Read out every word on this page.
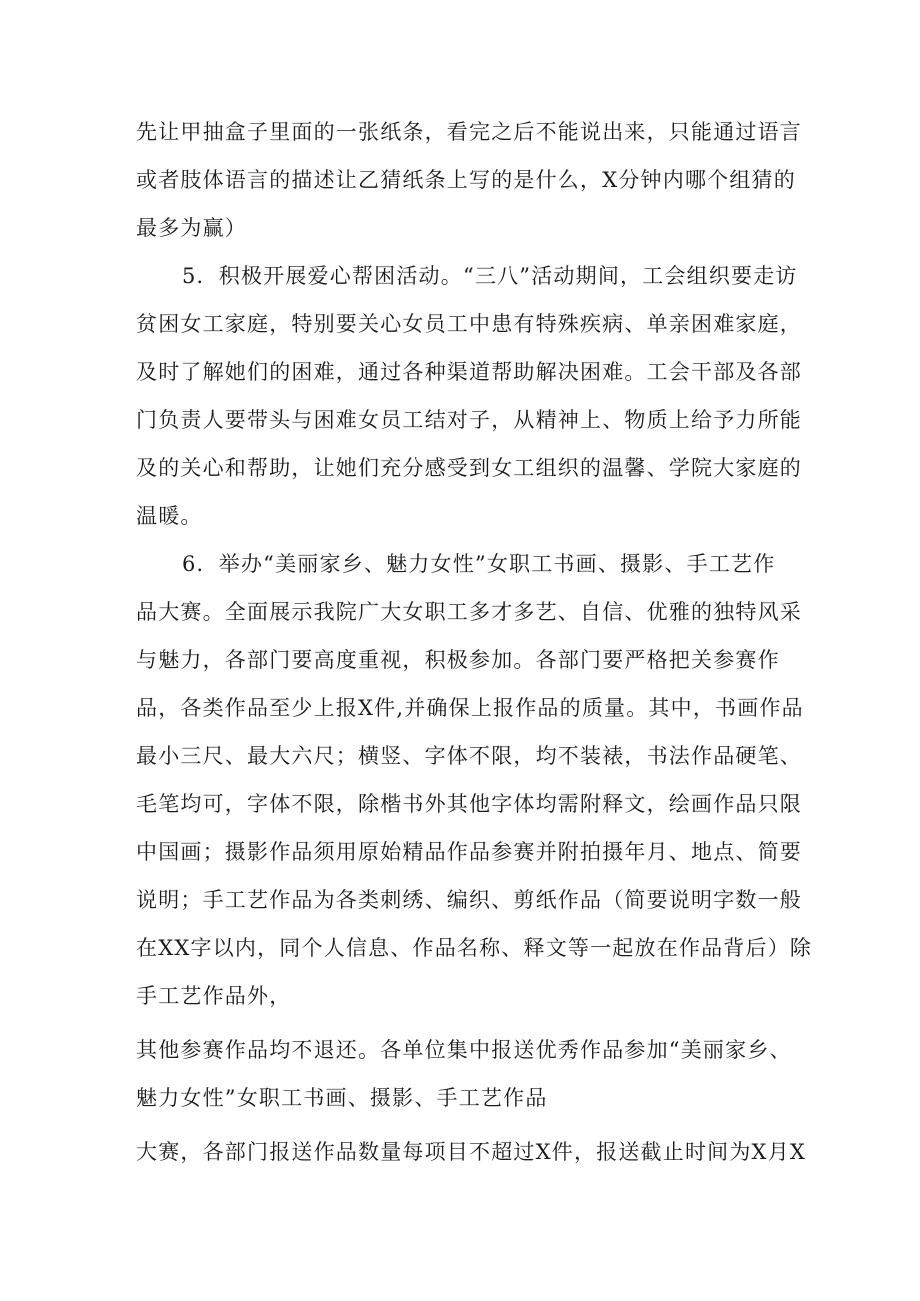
先让甲抽盒子里面的一张纸条，看完之后不能说出来，只能通过语言
或者肢体语言的描述让乙猜纸条上写的是什么，X分钟内哪个组猜的
最多为赢）
5．积极开展爱心帮困活动。“三八”活动期间，工会组织要走访
贫困女工家庭，特别要关心女员工中患有特殊疾病、单亲困难家庭，
及时了解她们的困难，通过各种渠道帮助解决困难。工会干部及各部
门负责人要带头与困难女员工结对子，从精神上、物质上给予力所能
及的关心和帮助，让她们充分感受到女工组织的温馨、学院大家庭的
温暖。
6．举办“美丽家乡、魅力女性”女职工书画、摄影、手工艺作
品大赛。全面展示我院广大女职工多才多艺、自信、优雅的独特风采
与魅力，各部门要高度重视，积极参加。各部门要严格把关参赛作
品，各类作品至少上报X件,并确保上报作品的质量。其中，书画作品
最小三尺、最大六尺；横竖、字体不限，均不装裱，书法作品硬笔、
毛笔均可，字体不限，除楷书外其他字体均需附释文，绘画作品只限
中国画；摄影作品须用原始精品作品参赛并附拍摄年月、地点、简要
说明；手工艺作品为各类刺绣、编织、剪纸作品（简要说明字数一般
在XX字以内，同个人信息、作品名称、释文等一起放在作品背后）除
手工艺作品外，
其他参赛作品均不退还。各单位集中报送优秀作品参加“美丽家乡、
魅力女性”女职工书画、摄影、手工艺作品
大赛，各部门报送作品数量每项目不超过X件，报送截止时间为X月X
